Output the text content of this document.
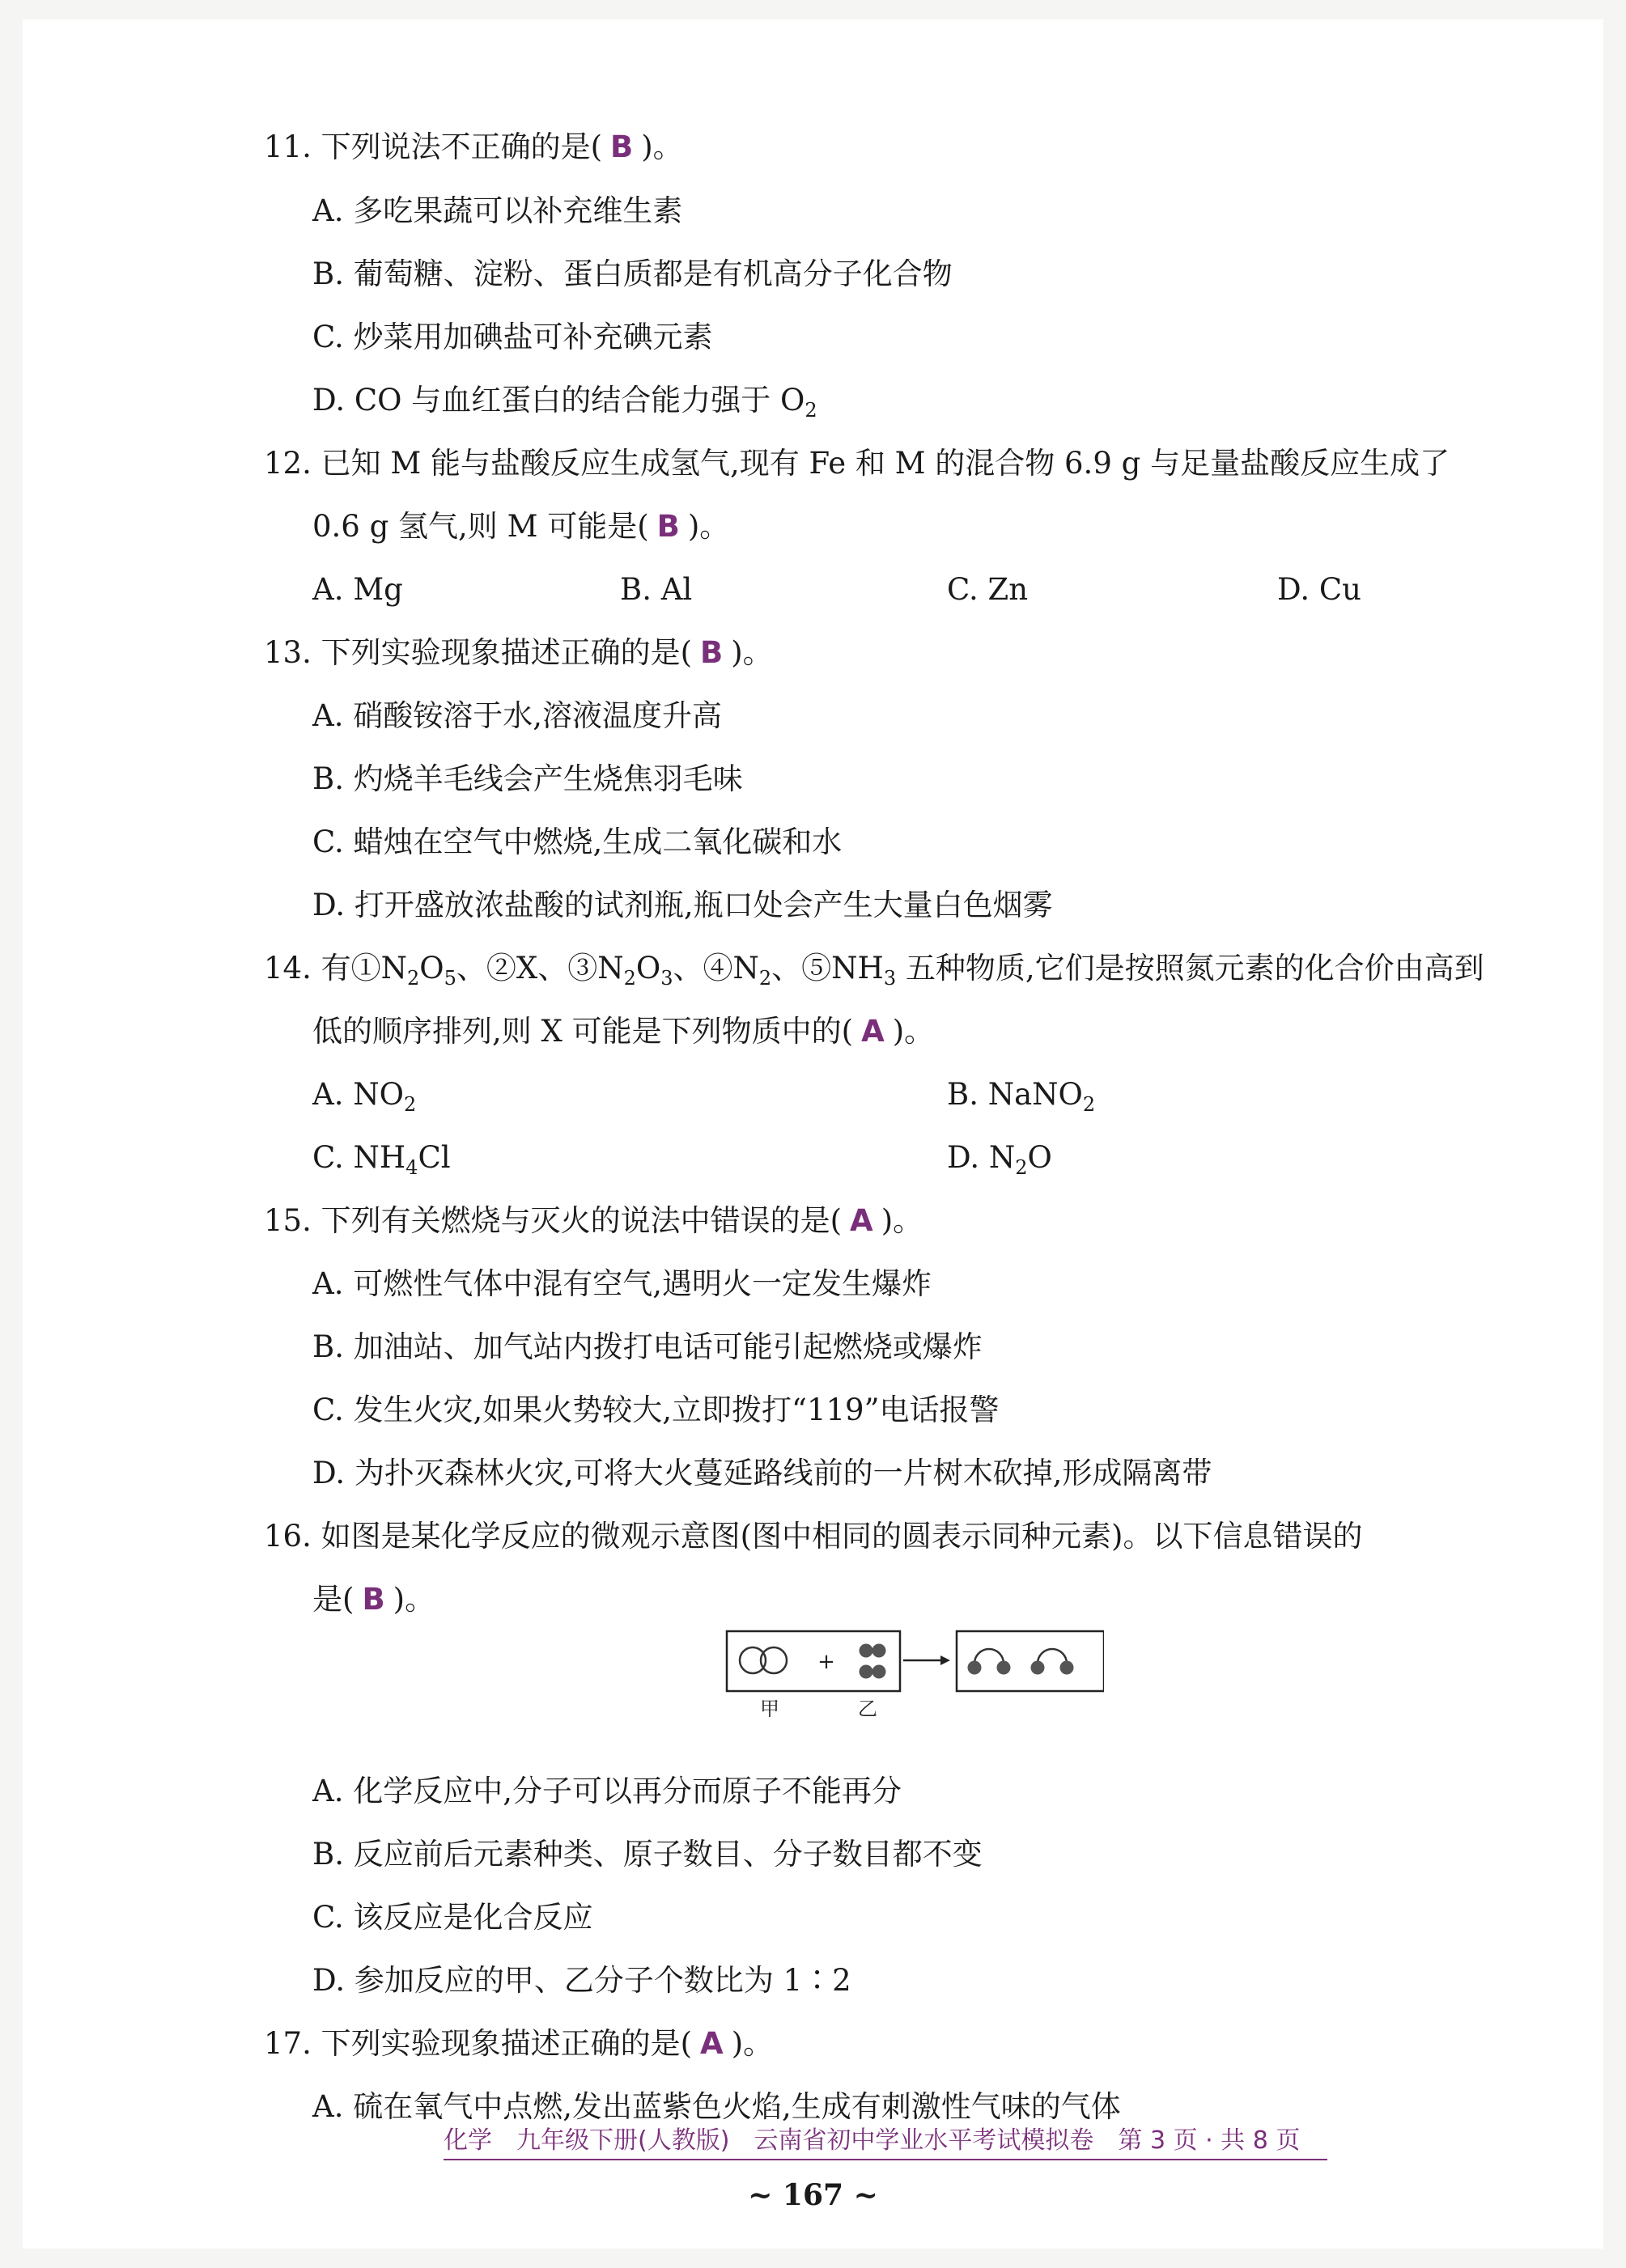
11. 下列说法不正确的是( B )。
A. 多吃果蔬可以补充维生素
B. 葡萄糖、淀粉、蛋白质都是有机高分子化合物
C. 炒菜用加碘盐可补充碘元素
D. CO 与血红蛋白的结合能力强于 $O_2$
12. 已知 M 能与盐酸反应生成氢气,现有 Fe 和 M 的混合物 6.9 g 与足量盐酸反应生成了
0.6 g 氢气,则 M 可能是( B )。
A. Mg	B. Al	C. Zn	D. Cu
13. 下列实验现象描述正确的是( B )。
A. 硝酸铵溶于水,溶液温度升高
B. 灼烧羊毛线会产生烧焦羽毛味
C. 蜡烛在空气中燃烧,生成二氧化碳和水
D. 打开盛放浓盐酸的试剂瓶,瓶口处会产生大量白色烟雾
14. 有$①N_2O_5$、②X、$③N_2O_3$、$④N_2$、$⑤NH_3$ 五种物质,它们是按照氮元素的化合价由高到
低的顺序排列,则 X 可能是下列物质中的( A )。
A. $NO_2$	B. NaNO$_2$
C. $NH_4Cl$	D. $N_2O$
15. 下列有关燃烧与灭火的说法中错误的是( A )。
A. 可燃性气体中混有空气,遇明火一定发生爆炸
B. 加油站、加气站内拨打电话可能引起燃烧或爆炸
C. 发生火灾,如果火势较大,立即拨打“119”电话报警
D. 为扑灭森林火灾,可将大火蔓延路线前的一片树木砍掉,形成隔离带
16. 如图是某化学反应的微观示意图(图中相同的圆表示同种元素)。以下信息错误的
是( B )。
+
甲	乙
A. 化学反应中,分子可以再分而原子不能再分
B. 反应前后元素种类、原子数目、分子数目都不变
C. 该反应是化合反应
D. 参加反应的甲、乙分子个数比为 1∶2
17. 下列实验现象描述正确的是( A )。
A. 硫在氧气中点燃,发出蓝紫色火焰,生成有刺激性气味的气体
化学　九年级下册(人教版)　云南省初中学业水平考试模拟卷　第 3 页 · 共 8 页
~ 167 ~
